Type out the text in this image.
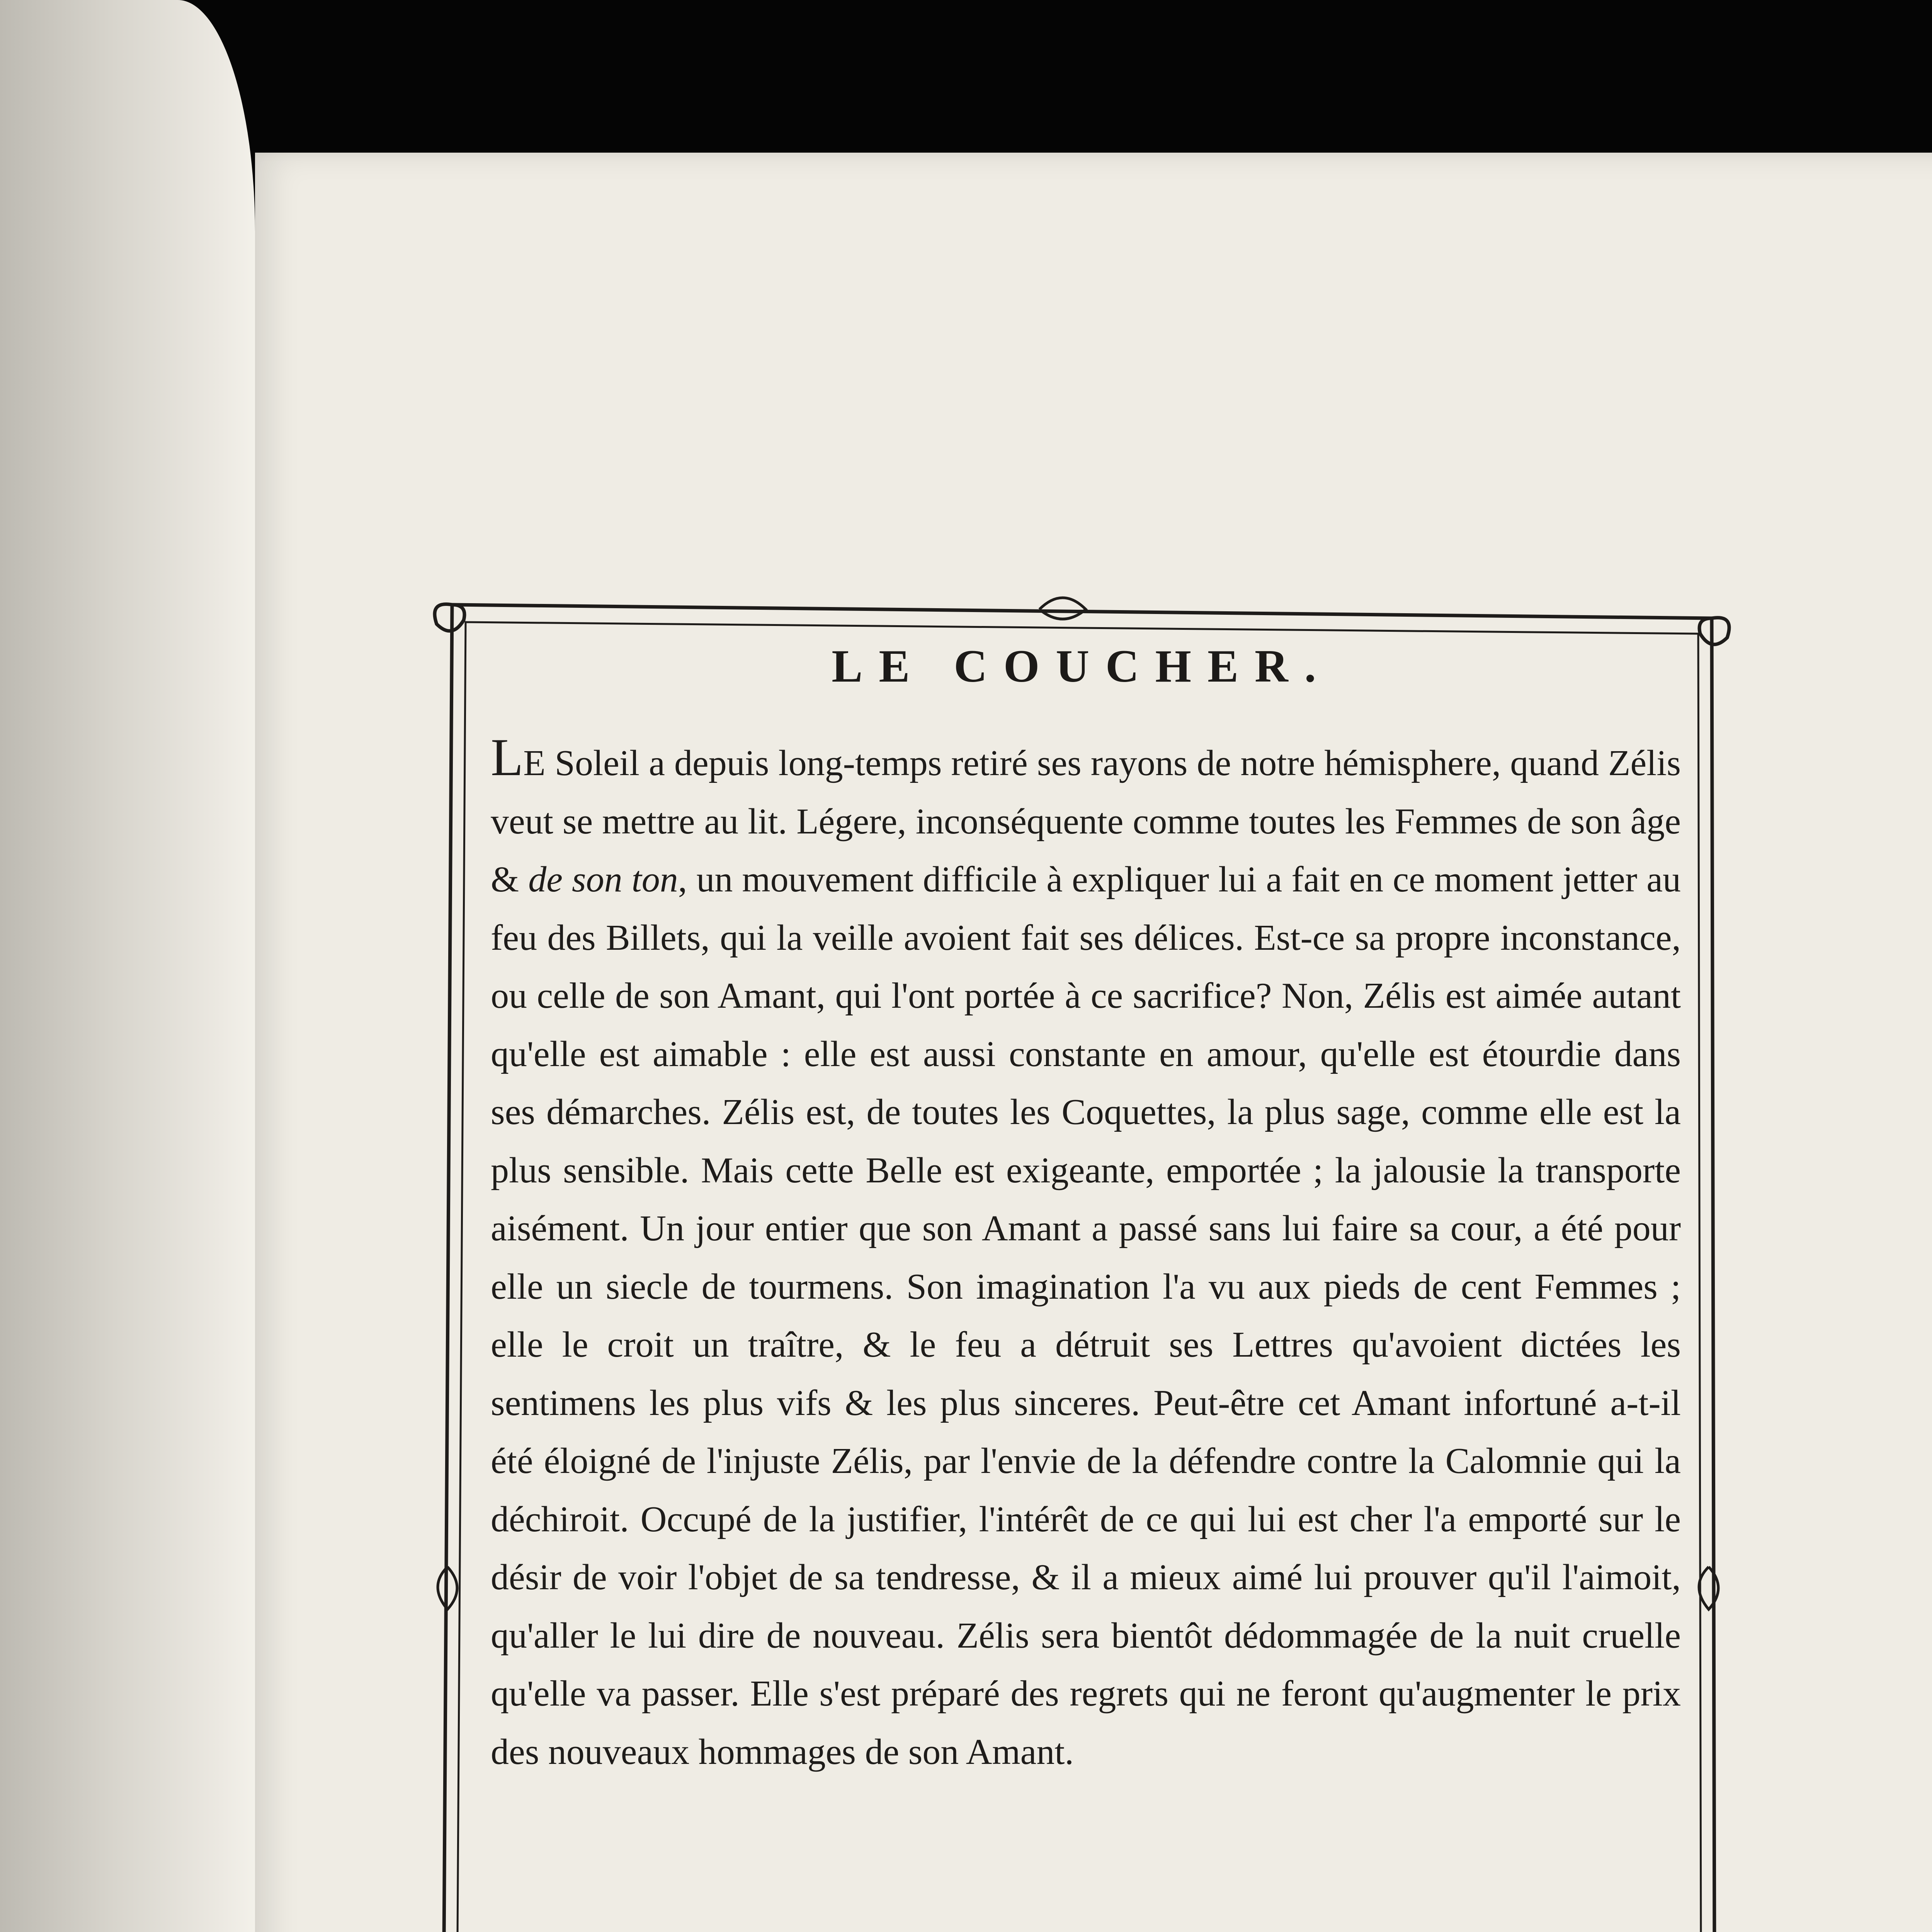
LE COUCHER.

LE Soleil a depuis long-temps retiré ses rayons de notre hémisphere, quand Zélis veut se mettre au lit. Légere, inconséquente comme toutes les Femmes de son âge & de son ton, un mouvement difficile à expliquer lui a fait en ce moment jetter au feu des Billets, qui la veille avoient fait ses délices. Est-ce sa propre inconstance, ou celle de son Amant, qui l'ont portée à ce sacrifice? Non, Zélis est aimée autant qu'elle est aimable : elle est aussi constante en amour, qu'elle est étourdie dans ses démarches. Zélis est, de toutes les Coquettes, la plus sage, comme elle est la plus sensible. Mais cette Belle est exigeante, emportée ; la jalousie la transporte aisément. Un jour entier que son Amant a passé sans lui faire sa cour, a été pour elle un siecle de tourmens. Son imagination l'a vu aux pieds de cent Femmes ; elle le croit un traître, & le feu a détruit ses Lettres qu'avoient dictées les sentimens les plus vifs & les plus sinceres. Peut-être cet Amant infortuné a-t-il été éloigné de l'injuste Zélis, par l'envie de la défendre contre la Calomnie qui la déchiroit. Occupé de la justifier, l'intérêt de ce qui lui est cher l'a emporté sur le désir de voir l'objet de sa tendresse, & il a mieux aimé lui prouver qu'il l'aimoit, qu'aller le lui dire de nouveau. Zélis sera bientôt dédommagée de la nuit cruelle qu'elle va passer. Elle s'est préparé des regrets qui ne feront qu'augmenter le prix des nouveaux hommages de son Amant.
